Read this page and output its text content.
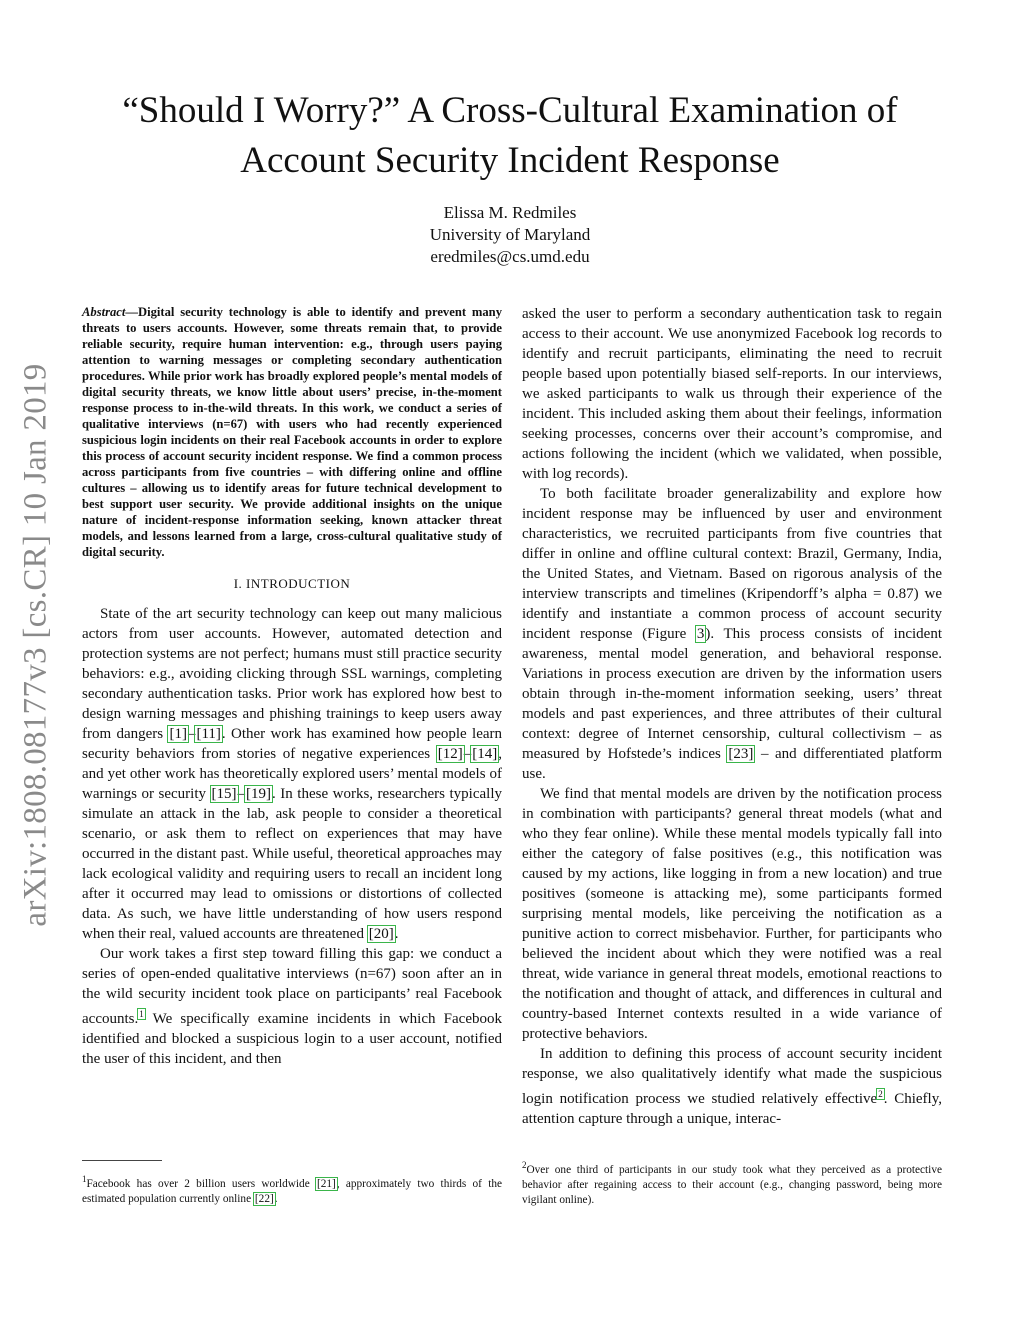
arXiv:1808.08177v3 [cs.CR] 10 Jan 2019
“Should I Worry?” A Cross-Cultural Examination of
Account Security Incident Response
Elissa M. Redmiles
University of Maryland
eredmiles@cs.umd.edu

Abstract—Digital security technology is able to identify and prevent many threats to users accounts. However, some threats remain that, to provide reliable security, require human intervention: e.g., through users paying attention to warning messages or completing secondary authentication procedures. While prior work has broadly explored people’s mental models of digital security threats, we know little about users’ precise, in-the-moment response process to in-the-wild threats. In this work, we conduct a series of qualitative interviews (n=67) with users who had recently experienced suspicious login incidents on their real Facebook accounts in order to explore this process of account security incident response. We find a common process across participants from five countries – with differing online and offline cultures – allowing us to identify areas for future technical development to best support user security. We provide additional insights on the unique nature of incident-response information seeking, known attacker threat models, and lessons learned from a large, cross-cultural qualitative study of digital security.

I. INTRODUCTION

State of the art security technology can keep out many malicious actors from user accounts. However, automated detection and protection systems are not perfect; humans must still practice security behaviors: e.g., avoiding clicking through SSL warnings, completing secondary authentication tasks. Prior work has explored how best to design warning messages and phishing trainings to keep users away from dangers [1]–[11]. Other work has examined how people learn security behaviors from stories of negative experiences [12]–[14], and yet other work has theoretically explored users’ mental models of warnings or security [15]–[19]. In these works, researchers typically simulate an attack in the lab, ask people to consider a theoretical scenario, or ask them to reflect on experiences that may have occurred in the distant past. While useful, theoretical approaches may lack ecological validity and requiring users to recall an incident long after it occurred may lead to omissions or distortions of collected data. As such, we have little understanding of how users respond when their real, valued accounts are threatened [20].

Our work takes a first step toward filling this gap: we conduct a series of open-ended qualitative interviews (n=67) soon after an in the wild security incident took place on participants’ real Facebook accounts.$^1$ We specifically examine incidents in which Facebook identified and blocked a suspicious login to a user account, notified the user of this incident, and then

asked the user to perform a secondary authentication task to regain access to their account. We use anonymized Facebook log records to identify and recruit participants, eliminating the need to recruit people based upon potentially biased self-reports. In our interviews, we asked participants to walk us through their experience of the incident. This included asking them about their feelings, information seeking processes, concerns over their account’s compromise, and actions following the incident (which we validated, when possible, with log records).

To both facilitate broader generalizability and explore how incident response may be influenced by user and environment characteristics, we recruited participants from five countries that differ in online and offline cultural context: Brazil, Germany, India, the United States, and Vietnam. Based on rigorous analysis of the interview transcripts and timelines (Kripendorff’s alpha = 0.87) we identify and instantiate a common process of account security incident response (Figure 3). This process consists of incident awareness, mental model generation, and behavioral response. Variations in process execution are driven by the information users obtain through in-the-moment information seeking, users’ threat models and past experiences, and three attributes of their cultural context: degree of Internet censorship, cultural collectivism – as measured by Hofstede’s indices [23] – and differentiated platform use.

We find that mental models are driven by the notification process in combination with participants? general threat models (what and who they fear online). While these mental models typically fall into either the category of false positives (e.g., this notification was caused by my actions, like logging in from a new location) and true positives (someone is attacking me), some participants formed surprising mental models, like perceiving the notification as a punitive action to correct misbehavior. Further, for participants who believed the incident about which they were notified was a real threat, wide variance in general threat models, emotional reactions to the notification and thought of attack, and differences in cultural and country-based Internet contexts resulted in a wide variance of protective behaviors.

In addition to defining this process of account security incident response, we also qualitatively identify what made the suspicious login notification process we studied relatively effective$^2$. Chiefly, attention capture through a unique, interac-

$^1$Facebook has over 2 billion users worldwide [21], approximately two thirds of the estimated population currently online [22].
$^2$Over one third of participants in our study took what they perceived as a protective behavior after regaining access to their account (e.g., changing password, being more vigilant online).
